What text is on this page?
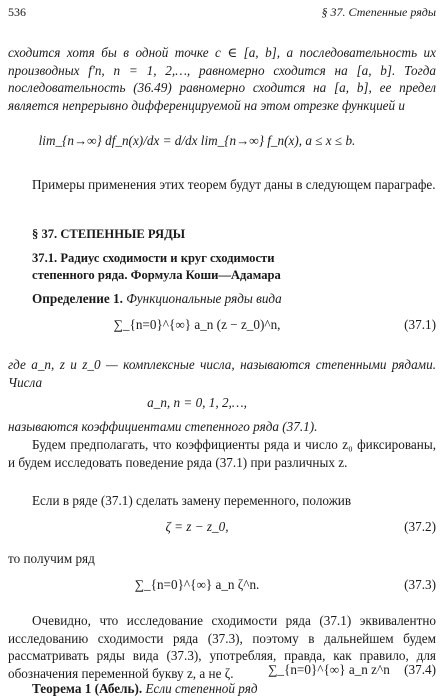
536	§ 37. Степенные ряды
сходится хотя бы в одной точке c ∈ [a, b], а последовательность их производных f′n, n = 1, 2,…, равномерно сходится на [a, b]. Тогда последовательность (36.49) равномерно сходится на [a, b], ее предел является непрерывно дифференцируемой на этом отрезке функцией и
lim_{n→∞} df_n(x)/dx = d/dx lim_{n→∞} f_n(x), a ≤ x ≤ b.
Примеры применения этих теорем будут даны в следующем параграфе.
§ 37. СТЕПЕННЫЕ РЯДЫ
37.1. Радиус сходимости и круг сходимости
степенного ряда. Формула Коши—Адамара
Определение 1. Функциональные ряды вида
∑_{n=0}^{∞} a_n (z − z_0)^n,	(37.1)
где a_n, z и z_0 — комплексные числа, называются степенными рядами. Числа
a_n, n = 0, 1, 2,…,
называются коэффициентами степенного ряда (37.1).
Будем предполагать, что коэффициенты ряда и число z₀ фиксированы, и будем исследовать поведение ряда (37.1) при различных z.
Если в ряде (37.1) сделать замену переменного, положив
ζ = z − z_0,	(37.2)
то получим ряд
∑_{n=0}^{∞} a_n ζ^n.	(37.3)
Очевидно, что исследование сходимости ряда (37.1) эквивалентно исследованию сходимости ряда (37.3), поэтому в дальнейшем будем рассматривать ряды вида (37.3), употребляя, правда, как правило, для обозначения переменной букву z, а не ζ.
Теорема 1 (Абель). Если степенной ряд
∑_{n=0}^{∞} a_n z^n (37.4)
